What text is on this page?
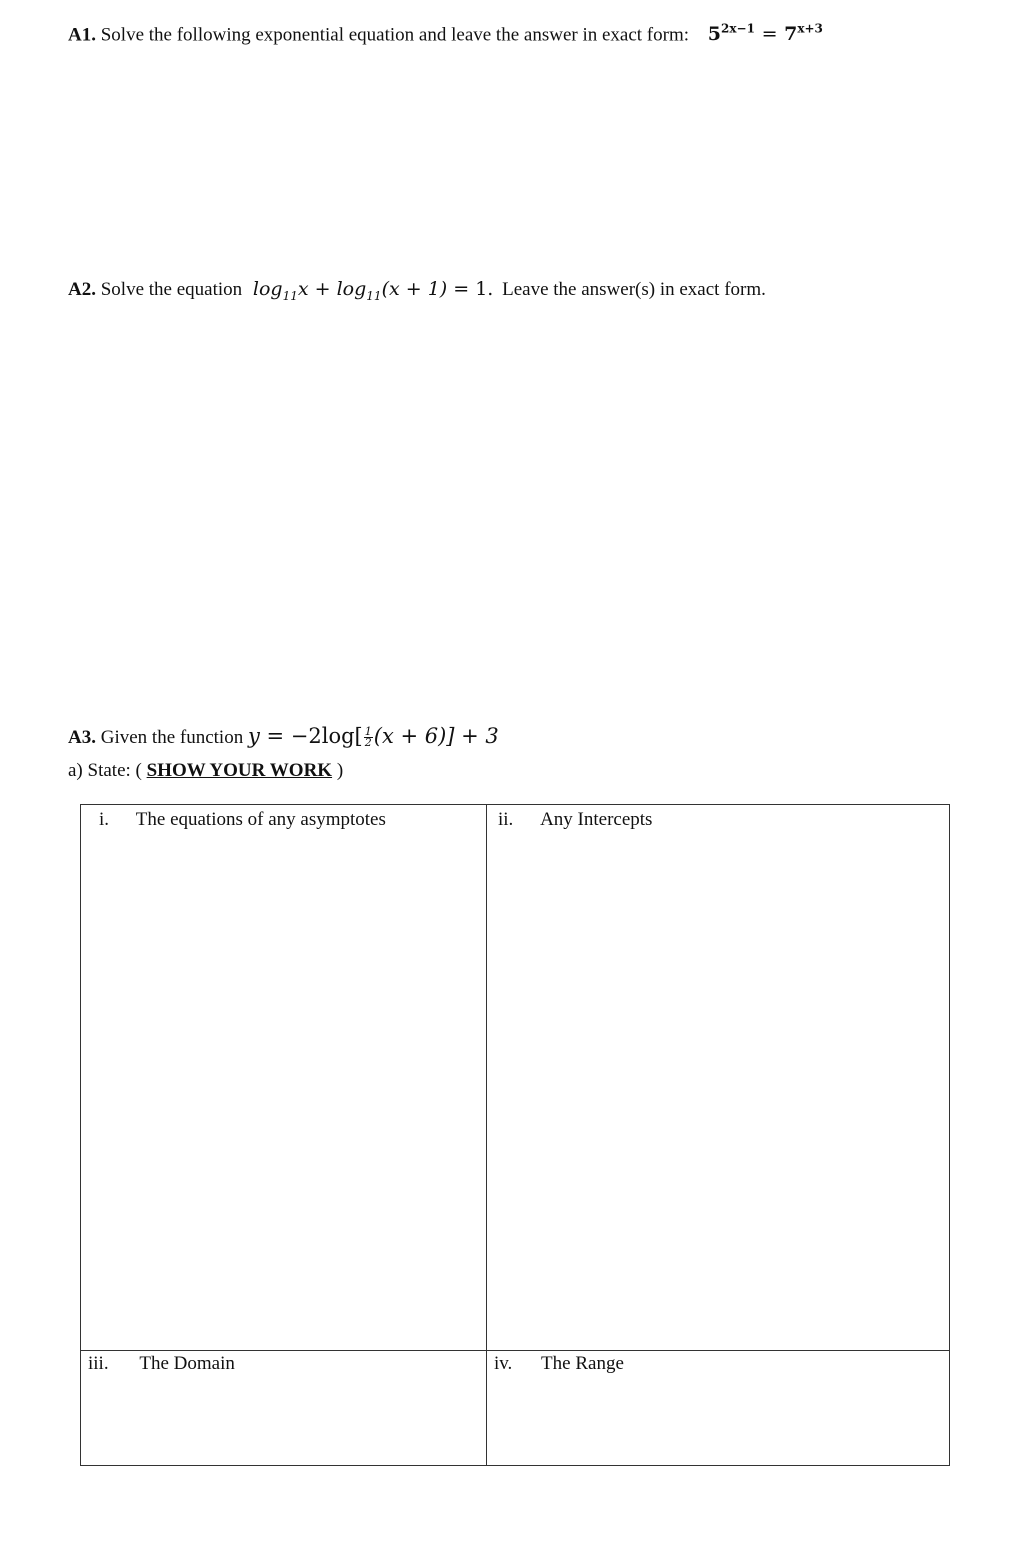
A1. Solve the following exponential equation and leave the answer in exact form: $5^{2x-1} = 7^{x+3}$
A2. Solve the equation $\log_{11}x + \log_{11}(x + 1) = 1$. Leave the answer(s) in exact form.
A3. Given the function $y = -2\log[ \frac{1}{2} (x + 6)] + 3$
a) State: ( SHOW YOUR WORK )
i. The equations of any asymptotes	ii. Any Intercepts
iii. The Domain	iv. The Range
